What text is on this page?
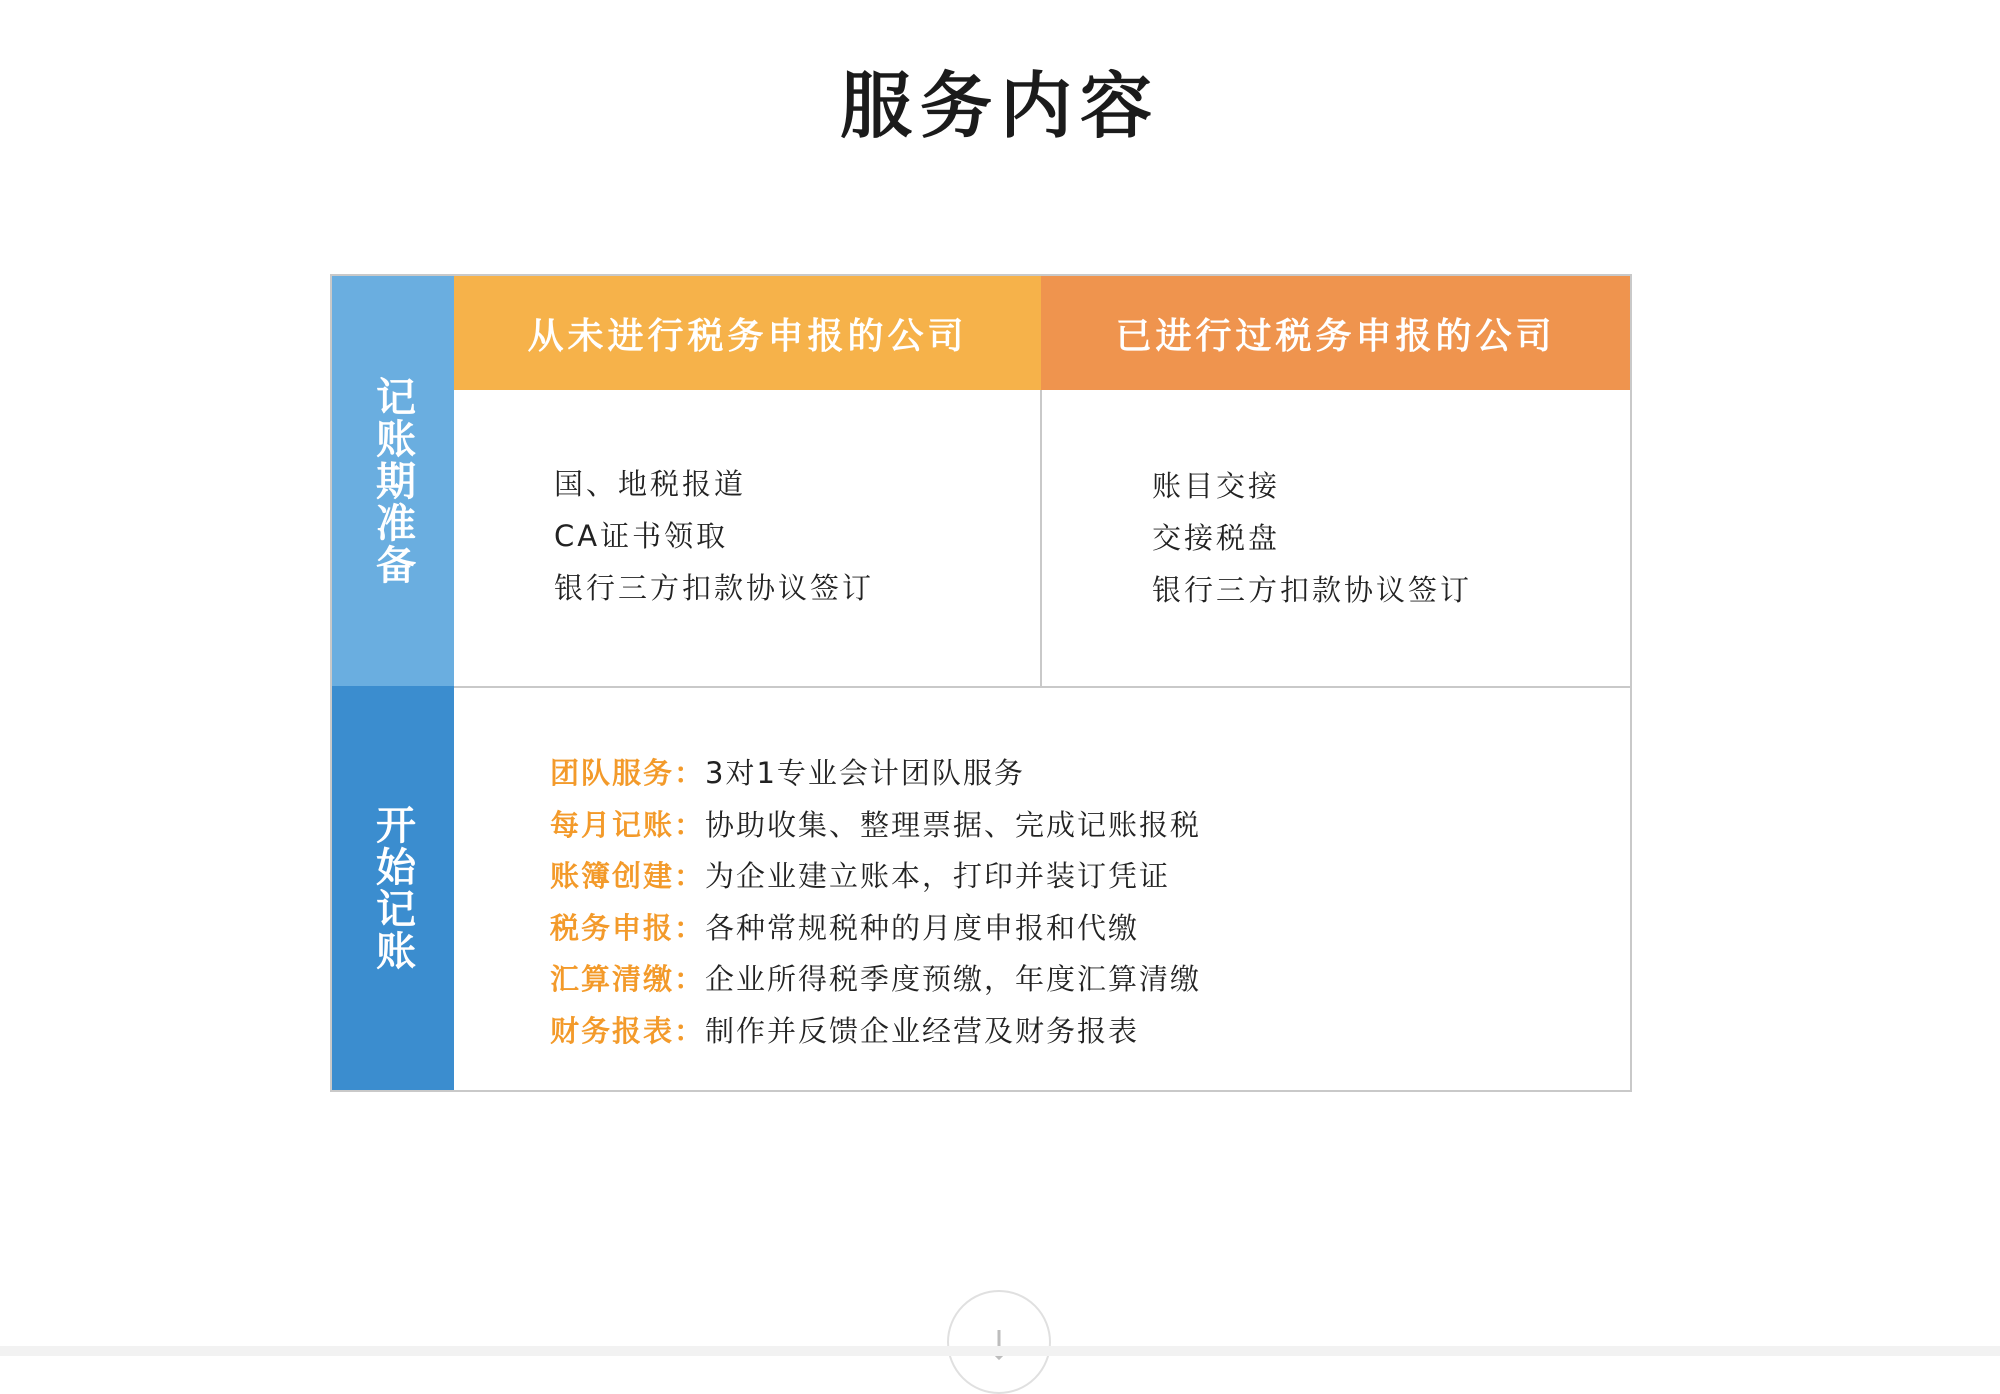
服务内容
记账期准备
开始记账
从未进行税务申报的公司	已进行过税务申报的公司
国、地税报道
CA证书领取
银行三方扣款协议签订
账目交接
交接税盘
银行三方扣款协议签订
团队服务：3对1专业会计团队服务
每月记账：协助收集、整理票据、完成记账报税
账簿创建：为企业建立账本，打印并装订凭证
税务申报：各种常规税种的月度申报和代缴
汇算清缴：企业所得税季度预缴，年度汇算清缴
财务报表：制作并反馈企业经营及财务报表
